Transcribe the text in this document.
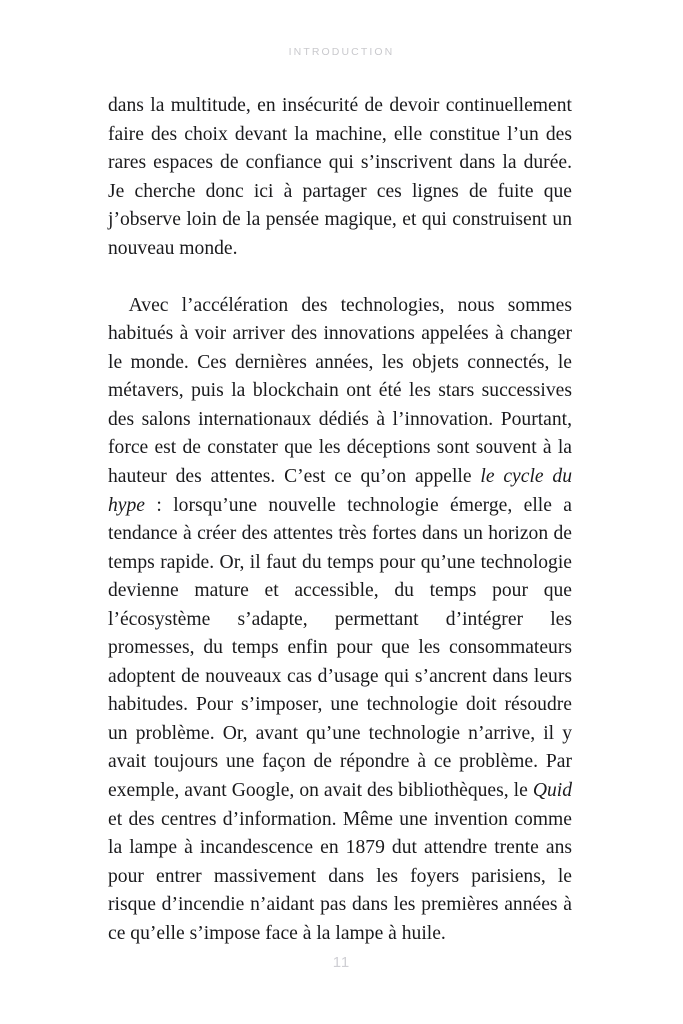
INTRODUCTION

dans la multitude, en insécurité de devoir continuellement faire des choix devant la machine, elle constitue l’un des rares espaces de confiance qui s’inscrivent dans la durée. Je cherche donc ici à partager ces lignes de fuite que j’observe loin de la pensée magique, et qui construisent un nouveau monde.

Avec l’accélération des technologies, nous sommes habitués à voir arriver des innovations appelées à changer le monde. Ces dernières années, les objets connectés, le métavers, puis la blockchain ont été les stars successives des salons internationaux dédiés à l’innovation. Pourtant, force est de constater que les déceptions sont souvent à la hauteur des attentes. C’est ce qu’on appelle le cycle du hype : lorsqu’une nouvelle technologie émerge, elle a tendance à créer des attentes très fortes dans un horizon de temps rapide. Or, il faut du temps pour qu’une technologie devienne mature et accessible, du temps pour que l’écosystème s’adapte, permettant d’intégrer les promesses, du temps enfin pour que les consommateurs adoptent de nouveaux cas d’usage qui s’ancrent dans leurs habitudes. Pour s’imposer, une technologie doit résoudre un problème. Or, avant qu’une technologie n’arrive, il y avait toujours une façon de répondre à ce problème. Par exemple, avant Google, on avait des bibliothèques, le Quid et des centres d’information. Même une invention comme la lampe à incandescence en 1879 dut attendre trente ans pour entrer massivement dans les foyers parisiens, le risque d’incendie n’aidant pas dans les premières années à ce qu’elle s’impose face à la lampe à huile.

11
